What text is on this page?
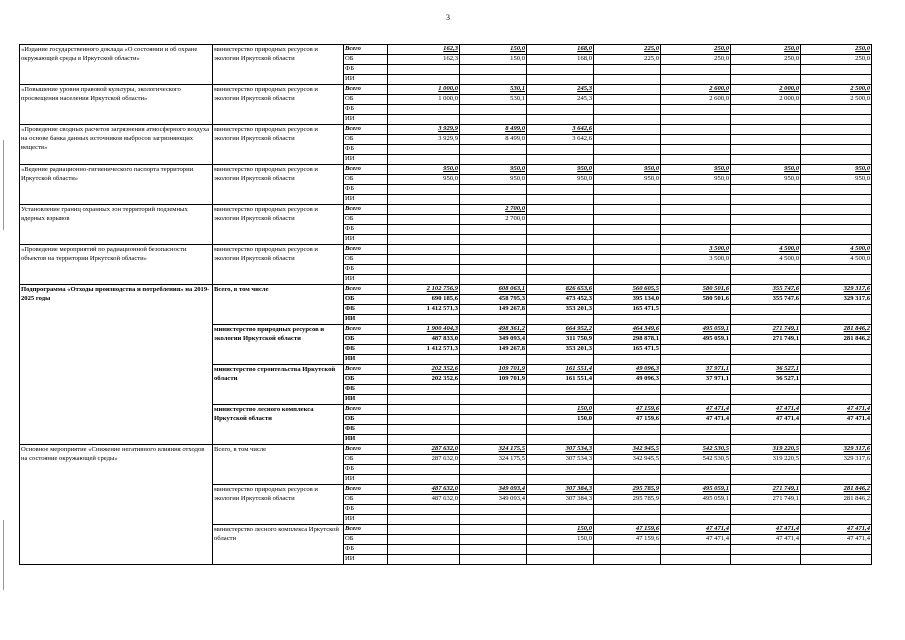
3
«Издание государственного доклада «О состоянии и об охране окружающей среды в Иркутской области»	министерство природных ресурсов и экологии Иркутской области	Всего	162,3	150,0	168,0	225,0	250,0	250,0	250,0
		ОБ	162,3	150,0	168,0	225,0	250,0	250,0	250,0
		ФБ							
		ИИ							
«Повышение уровня правовой культуры, экологического просвещения населения Иркутской области»	министерство природных ресурсов и экологии Иркутской области	Всего	1 000,0	530,1	245,3		2 600,0	2 000,0	2 500,0
		ОБ	1 000,0	530,1	245,3		2 600,0	2 000,0	2 500,0
		ФБ							
		ИИ							
«Проведение сводных расчетов загрязнения атмосферного воздуха на основе банка данных источников выбросов загрязняющих веществ»	министерство природных ресурсов и экологии Иркутской области	Всего	3 929,9	8 499,0	3 642,6				
		ОБ	3 929,9	8 499,0	3 642,6				
		ФБ							
		ИИ							
«Ведение радиационно-гигиенического паспорта территории Иркутской области»	министерство природных ресурсов и экологии Иркутской области	Всего	950,0	950,0	950,0	950,0	950,0	950,0	950,0
		ОБ	950,0	950,0	950,0	950,0	950,0	950,0	950,0
		ФБ							
		ИИ							
Установление границ охранных зон территорий подземных ядерных взрывов	министерство природных ресурсов и экологии Иркутской области	Всего		2 700,0					
		ОБ		2 700,0					
		ФБ							
		ИИ							
«Проведение мероприятий по радиационной безопасности объектов на территории Иркутской области»	министерство природных ресурсов и экологии Иркутской области	Всего					3 500,0	4 500,0	4 500,0
		ОБ					3 500,0	4 500,0	4 500,0
		ФБ							
		ИИ							
Подпрограмма «Отходы производства и потребления» на 2019-2025 годы	Всего, в том числе	Всего	2 102 756,9	608 063,1	826 653,6	560 605,5	580 501,6	355 747,6	329 317,6
		ОБ	690 185,6	458 795,3	473 452,3	395 134,0	580 501,6	355 747,6	329 317,6
		ФБ	1 412 571,3	149 267,8	353 201,3	165 471,5			
		ИИ							
	министерство природных ресурсов и экологии Иркутской области	Всего	1 900 404,3	498 361,2	664 952,2	464 349,6	495 059,1	271 749,1	281 846,2
		ОБ	487 833,0	349 093,4	311 750,9	298 878,1	495 059,1	271 749,1	281 846,2
		ФБ	1 412 571,3	149 267,8	353 201,3	165 471,5			
		ИИ							
	министерство строительства Иркутской области	Всего	202 352,6	109 701,9	161 551,4	49 096,3	37 971,1	36 527,1	
		ОБ	202 352,6	109 701,9	161 551,4	49 096,3	37 971,1	36 527,1	
		ФБ							
		ИИ							
	министерство лесного комплекса Иркутской области	Всего			150,0	47 159,6	47 471,4	47 471,4	47 471,4
		ОБ			150,0	47 159,6	47 471,4	47 471,4	47 471,4
		ФБ							
		ИИ							
Основное мероприятие «Снижение негативного влияния отходов на состояние окружающей среды»	Всего, в том числе	Всего	287 632,0	324 175,5	307 534,3	342 945,5	542 530,5	319 220,5	329 317,6
		ОБ	287 632,0	324 175,5	307 534,3	342 945,5	542 530,5	319 220,5	329 317,6
		ФБ							
		ИИ							
	министерство природных ресурсов и экологии Иркутской области	Всего	487 632,0	349 093,4	307 384,3	295 785,9	495 059,1	271 749,1	281 846,2
		ОБ	487 632,0	349 093,4	307 384,3	295 785,9	495 059,1	271 749,1	281 846,2
		ФБ							
		ИИ							
	министерство лесного комплекса Иркутской области	Всего			150,0	47 159,6	47 471,4	47 471,4	47 471,4
		ОБ			150,0	47 159,6	47 471,4	47 471,4	47 471,4
		ФБ							
		ИИ							
